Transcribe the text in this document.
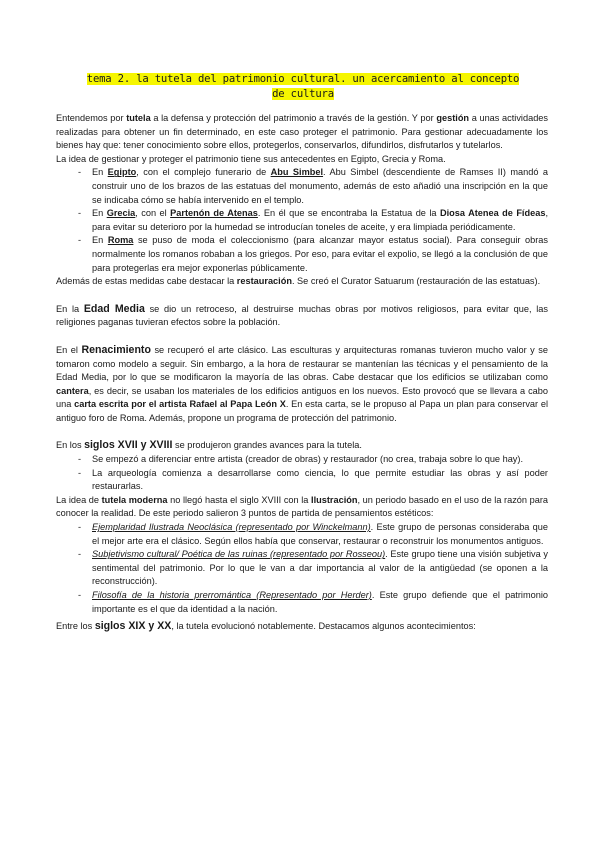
tema 2. la tutela del patrimonio cultural. un acercamiento al concepto de cultura

Entendemos por tutela a la defensa y protección del patrimonio a través de la gestión. Y por gestión a unas actividades realizadas para obtener un fin determinado, en este caso proteger el patrimonio. Para gestionar adecuadamente los bienes hay que: tener conocimiento sobre ellos, protegerlos, conservarlos, difundirlos, disfrutarlos y tutelarlos.

La idea de gestionar y proteger el patrimonio tiene sus antecedentes en Egipto, Grecia y Roma.

- En Egipto, con el complejo funerario de Abu Simbel. Abu Simbel (descendiente de Ramses II) mandó a construir uno de los brazos de las estatuas del monumento, además de esto añadió una inscripción en la que se indicaba cómo se había intervenido en el templo.
- En Grecia, con el Partenón de Atenas. En él que se encontraba la Estatua de la Diosa Atenea de Fídeas, para evitar su deterioro por la humedad se introducían toneles de aceite, y era limpiada periódicamente.
- En Roma se puso de moda el coleccionismo (para alcanzar mayor estatus social). Para conseguir obras normalmente los romanos robaban a los griegos. Por eso, para evitar el expolio, se llegó a la conclusión de que para protegerlas era mejor exponerlas públicamente.

Además de estas medidas cabe destacar la restauración. Se creó el Curator Satuarum (restauración de las estatuas).

En la Edad Media se dio un retroceso, al destruirse muchas obras por motivos religiosos, para evitar que, las religiones paganas tuvieran efectos sobre la población.

En el Renacimiento se recuperó el arte clásico. Las esculturas y arquitecturas romanas tuvieron mucho valor y se tomaron como modelo a seguir. Sin embargo, a la hora de restaurar se mantenían las técnicas y el pensamiento de la Edad Media, por lo que se modificaron la mayoría de las obras. Cabe destacar que los edificios se utilizaban como cantera, es decir, se usaban los materiales de los edificios antiguos en los nuevos. Esto provocó que se llevara a cabo una carta escrita por el artista Rafael al Papa León X. En esta carta, se le propuso al Papa un plan para conservar el antiguo foro de Roma. Además, propone un programa de protección del patrimonio.

En los siglos XVII y XVIII se produjeron grandes avances para la tutela.

- Se empezó a diferenciar entre artista (creador de obras) y restaurador (no crea, trabaja sobre lo que hay).
- La arqueología comienza a desarrollarse como ciencia, lo que permite estudiar las obras y así poder restaurarlas.

La idea de tutela moderna no llegó hasta el siglo XVIII con la Ilustración, un periodo basado en el uso de la razón para conocer la realidad. De este periodo salieron 3 puntos de partida de pensamientos estéticos:

- Ejemplaridad Ilustrada Neoclásica (representado por Winckelmann). Este grupo de personas consideraba que el mejor arte era el clásico. Según ellos había que conservar, restaurar o reconstruir los monumentos antiguos.
- Subjetivismo cultural/ Poética de las ruinas (representado por Rosseou). Este grupo tiene una visión subjetiva y sentimental del patrimonio. Por lo que le van a dar importancia al valor de la antigüedad (se oponen a la reconstrucción).
- Filosofía de la historia prerromántica (Representado por Herder). Este grupo defiende que el patrimonio importante es el que da identidad a la nación.

Entre los siglos XIX y XX, la tutela evolucionó notablemente. Destacamos algunos acontecimientos:
